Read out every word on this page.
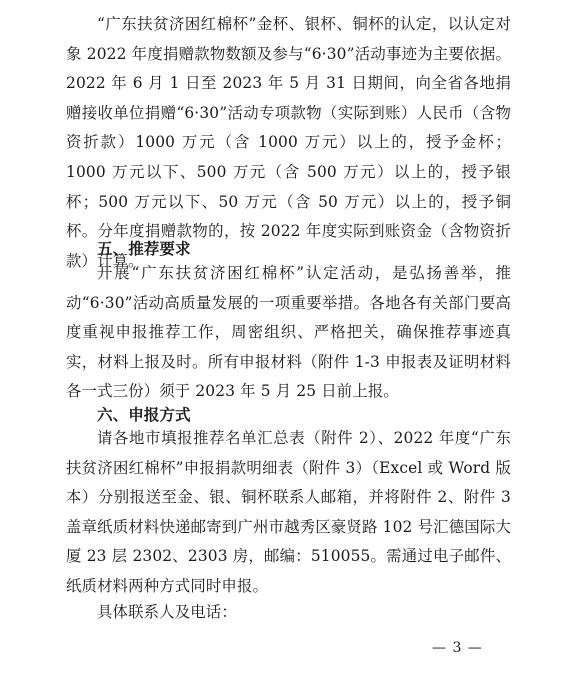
“广东扶贫济困红棉杯”金杯、银杯、铜杯的认定，以认定对象 2022 年度捐赠款物数额及参与“6·30”活动事迹为主要依据。2022 年 6 月 1 日至 2023 年 5 月 31 日期间，向全省各地捐赠接收单位捐赠“6·30”活动专项款物（实际到账）人民币（含物资折款）1000 万元（含 1000 万元）以上的，授予金杯；1000 万元以下、500 万元（含 500 万元）以上的，授予银杯；500 万元以下、50 万元（含 50 万元）以上的，授予铜杯。分年度捐赠款物的，按 2022 年度实际到账资金（含物资折款）计算。

五、推荐要求

开展“广东扶贫济困红棉杯”认定活动，是弘扬善举，推动“6·30”活动高质量发展的一项重要举措。各地各有关部门要高度重视申报推荐工作，周密组织、严格把关，确保推荐事迹真实，材料上报及时。所有申报材料（附件 1-3 申报表及证明材料各一式三份）须于 2023 年 5 月 25 日前上报。

六、申报方式

请各地市填报推荐名单汇总表（附件 2）、2022 年度“广东扶贫济困红棉杯”申报捐款明细表（附件 3）（Excel 或 Word 版本）分别报送至金、银、铜杯联系人邮箱，并将附件 2、附件 3 盖章纸质材料快递邮寄到广州市越秀区豪贤路 102 号汇德国际大厦 23 层 2302、2303 房，邮编：510055。需通过电子邮件、纸质材料两种方式同时申报。

具体联系人及电话：

— 3 —
